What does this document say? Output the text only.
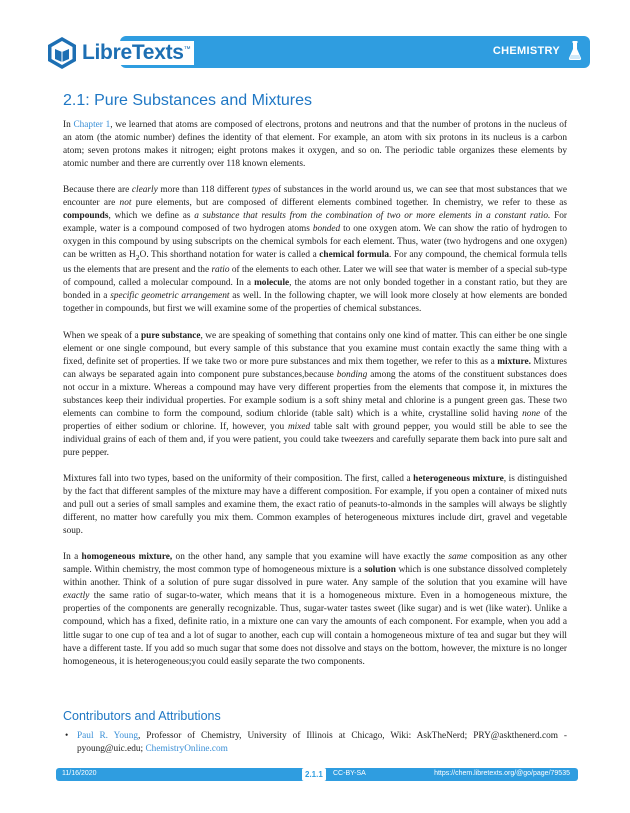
LibreTexts™	CHEMISTRY
2.1: Pure Substances and Mixtures

In Chapter 1, we learned that atoms are composed of electrons, protons and neutrons and that the number of protons in the nucleus of an atom (the atomic number) defines the identity of that element. For example, an atom with six protons in its nucleus is a carbon atom; seven protons makes it nitrogen; eight protons makes it oxygen, and so on. The periodic table organizes these elements by atomic number and there are currently over 118 known elements.

Because there are clearly more than 118 different types of substances in the world around us, we can see that most substances that we encounter are not pure elements, but are composed of different elements combined together. In chemistry, we refer to these as compounds, which we define as a substance that results from the combination of two or more elements in a constant ratio. For example, water is a compound composed of two hydrogen atoms bonded to one oxygen atom. We can show the ratio of hydrogen to oxygen in this compound by using subscripts on the chemical symbols for each element. Thus, water (two hydrogens and one oxygen) can be written as $H_2O$. This shorthand notation for water is called a chemical formula. For any compound, the chemical formula tells us the elements that are present and the ratio of the elements to each other. Later we will see that water is member of a special sub-type of compound, called a molecular compound. In a molecule, the atoms are not only bonded together in a constant ratio, but they are bonded in a specific geometric arrangement as well. In the following chapter, we will look more closely at how elements are bonded together in compounds, but first we will examine some of the properties of chemical substances.

When we speak of a pure substance, we are speaking of something that contains only one kind of matter. This can either be one single element or one single compound, but every sample of this substance that you examine must contain exactly the same thing with a fixed, definite set of properties. If we take two or more pure substances and mix them together, we refer to this as a mixture. Mixtures can always be separated again into component pure substances,because bonding among the atoms of the constituent substances does not occur in a mixture. Whereas a compound may have very different properties from the elements that compose it, in mixtures the substances keep their individual properties. For example sodium is a soft shiny metal and chlorine is a pungent green gas. These two elements can combine to form the compound, sodium chloride (table salt) which is a white, crystalline solid having none of the properties of either sodium or chlorine. If, however, you mixed table salt with ground pepper, you would still be able to see the individual grains of each of them and, if you were patient, you could take tweezers and carefully separate them back into pure salt and pure pepper.

Mixtures fall into two types, based on the uniformity of their composition. The first, called a heterogeneous mixture, is distinguished by the fact that different samples of the mixture may have a different composition. For example, if you open a container of mixed nuts and pull out a series of small samples and examine them, the exact ratio of peanuts-to-almonds in the samples will always be slightly different, no matter how carefully you mix them. Common examples of heterogeneous mixtures include dirt, gravel and vegetable soup.

In a homogeneous mixture, on the other hand, any sample that you examine will have exactly the same composition as any other sample. Within chemistry, the most common type of homogeneous mixture is a solution which is one substance dissolved completely within another. Think of a solution of pure sugar dissolved in pure water. Any sample of the solution that you examine will have exactly the same ratio of sugar-to-water, which means that it is a homogeneous mixture. Even in a homogeneous mixture, the properties of the components are generally recognizable. Thus, sugar-water tastes sweet (like sugar) and is wet (like water). Unlike a compound, which has a fixed, definite ratio, in a mixture one can vary the amounts of each component. For example, when you add a little sugar to one cup of tea and a lot of sugar to another, each cup will contain a homogeneous mixture of tea and sugar but they will have a different taste. If you add so much sugar that some does not dissolve and stays on the bottom, however, the mixture is no longer homogeneous, it is heterogeneous;you could easily separate the two components.

Contributors and Attributions
• Paul R. Young, Professor of Chemistry, University of Illinois at Chicago, Wiki: AskTheNerd; PRY@askthenerd.com - pyoung@uic.edu; ChemistryOnline.com
11/16/2020	2.1.1	CC-BY-SA	https://chem.libretexts.org/@go/page/79535
